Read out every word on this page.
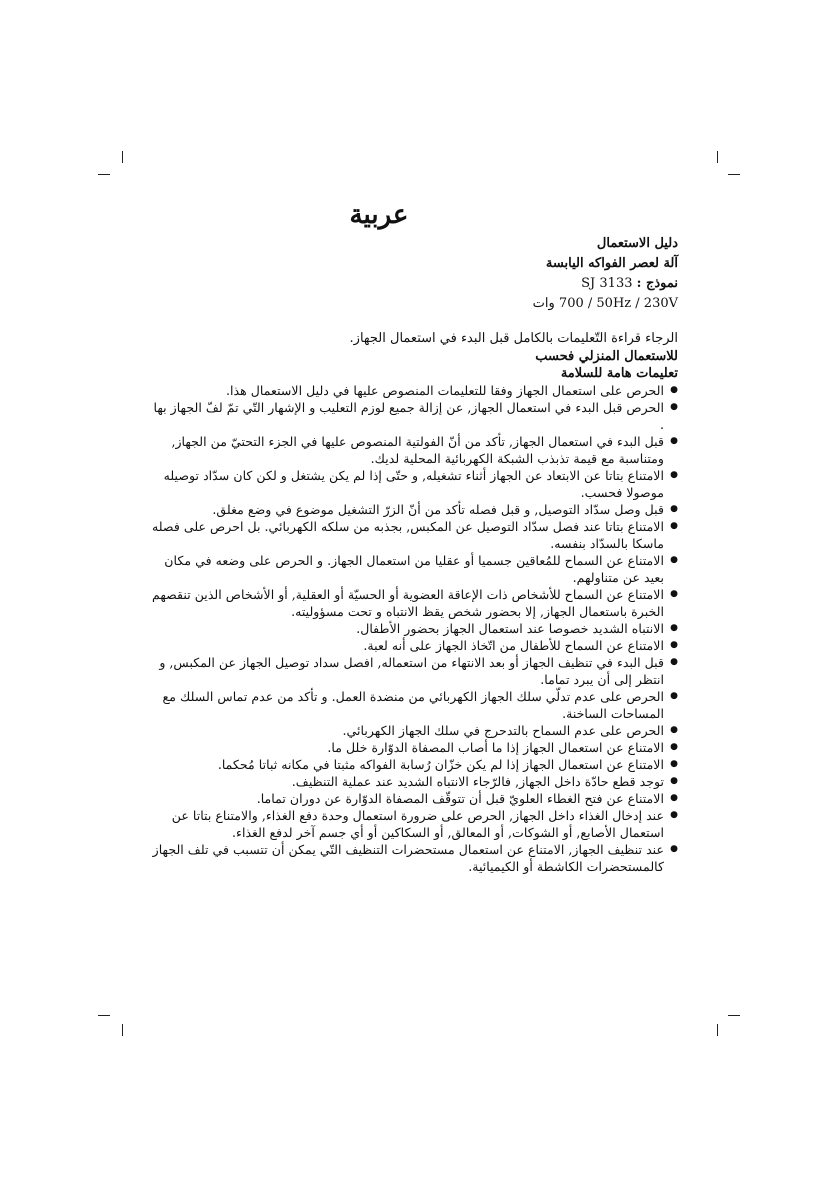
عربية
دليل الاستعمال
آلة لعصر الفواكه اليابسة
نموذج : SJ 3133
230V / 50Hz / 700 وات
الرجاء قراءة التّعليمات بالكامل قبل البدء في استعمال الجهاز.
للاستعمال المنزلي فحسب
تعليمات هامة للسلامة
● الحرص على استعمال الجهاز وفقا للتعليمات المنصوص عليها في دليل الاستعمال هذا.
● الحرص قبل البدء في استعمال الجهاز, عن إزالة جميع لوزم التعليب و الإشهار التّي تمّ لفّ الجهاز بها .
● قبل البدء في استعمال الجهاز, تأكد من أنّ الفولتية المنصوص عليها في الجزء التحتيّ من الجهاز, ومتناسبة مع قيمة تذبذب الشبكة الكهربائية المحلية لديك.
● الامتناع بتاتا عن الابتعاد عن الجهاز أثناء تشغيله, و حتّى إذا لم يكن يشتغل و لكن كان سدّاد توصيله موصولا فحسب.
● قبل وصل سدّاد التوصيل, و قبل فصله تأكد من أنّ الزرّ التشغيل موضوع في وضع مغلق.
● الامتناع بتاتا عند فصل سدّاد التوصيل عن المكبس, بجذبه من سلكه الكهربائي. بل احرص على فصله ماسكا بالسدّاد بنفسه.
● الامتناع عن السماح للمُعاقين جسميا أو عقليا من استعمال الجهاز. و الحرص على وضعه في مكان بعيد عن متناولهم.
● الامتناع عن السماح للأشخاص ذات الإعاقة العضوية أو الحسيّة أو العقلية, أو الأشخاص الذين تنقصهم الخبرة باستعمال الجهاز, إلا بحضور شخص يقظ الانتباه و تحت مسؤوليته.
● الانتباه الشديد خصوصا عند استعمال الجهاز بحضور الأطفال.
● الامتناع عن السماح للأطفال من اتّخاذ الجهاز على أنه لعبة.
● قبل البدء في تنظيف الجهاز أو بعد الانتهاء من استعماله, افصل سداد توصيل الجهاز عن المكبس, و انتظر إلى أن يبرد تماما.
● الحرص على عدم تدلّي سلك الجهاز الكهربائي من منضدة العمل. و تأكد من عدم تماس السلك مع المساحات الساخنة.
● الحرص على عدم السماح بالتدحرج في سلك الجهاز الكهربائي.
● الامتناع عن استعمال الجهاز إذا ما أصاب المصفاة الدوّارة خلل ما.
● الامتناع عن استعمال الجهاز إذا لم يكن خزّان رُسابة الفواكه مثبتا في مكانه ثباتا مُحكما.
● توجد قطع حادّة داخل الجهاز, فالرّجاء الانتباه الشديد عند عملية التنظيف.
● الامتناع عن فتح الغطاء العلويّ قبل أن تتوقّف المصفاة الدوّارة عن دوران تماما.
● عند إدخال الغذاء داخل الجهاز, الحرص على ضرورة استعمال وحدة دفع الغذاء, والامتناع بتاتا عن استعمال الأصابع, أو الشوكات, أو المعالق, أو السكاكين أو أي جسم آخر لدفع الغذاء.
● عند تنظيف الجهاز, الامتناع عن استعمال مستحضرات التنظيف التّي يمكن أن تتسبب في تلف الجهاز كالمستحضرات الكاشطة أو الكيميائية.
